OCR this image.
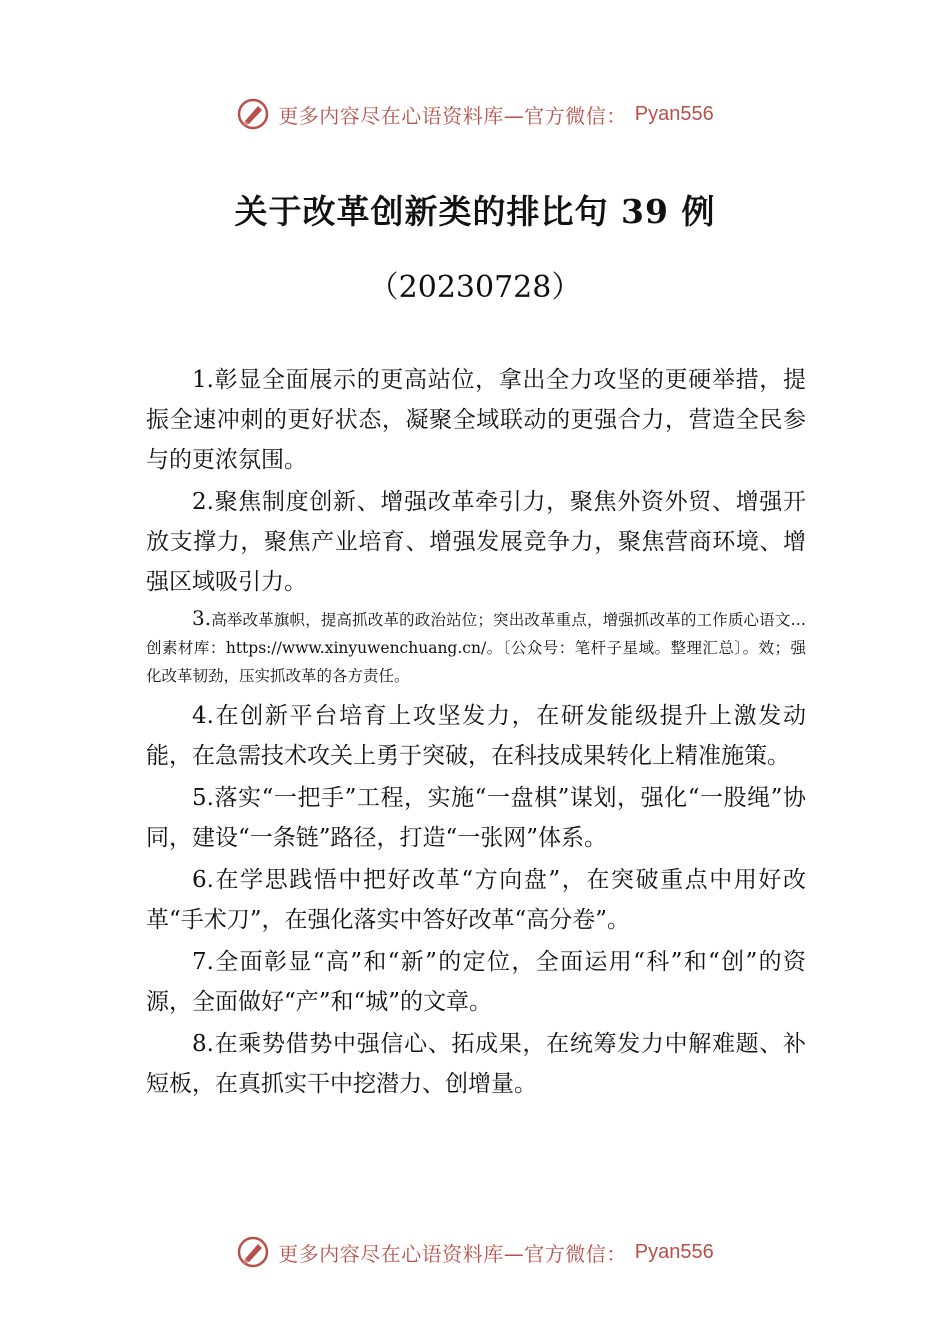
更多内容尽在心语资料库—官方微信： Pyan556
关于改革创新类的排比句 39 例
（20230728）

1.彰显全面展示的更高站位，拿出全力攻坚的更硬举措，提振全速冲刺的更好状态，凝聚全域联动的更强合力，营造全民参与的更浓氛围。

2.聚焦制度创新、增强改革牵引力，聚焦外资外贸、增强开放支撑力，聚焦产业培育、增强发展竞争力，聚焦营商环境、增强区域吸引力。

3.高举改革旗帜，提高抓改革的政治站位；突出改革重点，增强抓改革的工作质心语文…创素材库：https://www.xinyuwenchuang.cn/。〔公众号：笔杆子星域。整理汇总〕。效；强化改革韧劲，压实抓改革的各方责任。

4.在创新平台培育上攻坚发力，在研发能级提升上激发动能，在急需技术攻关上勇于突破，在科技成果转化上精准施策。

5.落实“一把手”工程，实施“一盘棋”谋划，强化“一股绳”协同，建设“一条链”路径，打造“一张网”体系。

6.在学思践悟中把好改革“方向盘”，在突破重点中用好改革“手术刀”，在强化落实中答好改革“高分卷”。

7.全面彰显“高”和“新”的定位，全面运用“科”和“创”的资源，全面做好“产”和“城”的文章。

8.在乘势借势中强信心、拓成果，在统筹发力中解难题、补短板，在真抓实干中挖潜力、创增量。

更多内容尽在心语资料库—官方微信： Pyan556
